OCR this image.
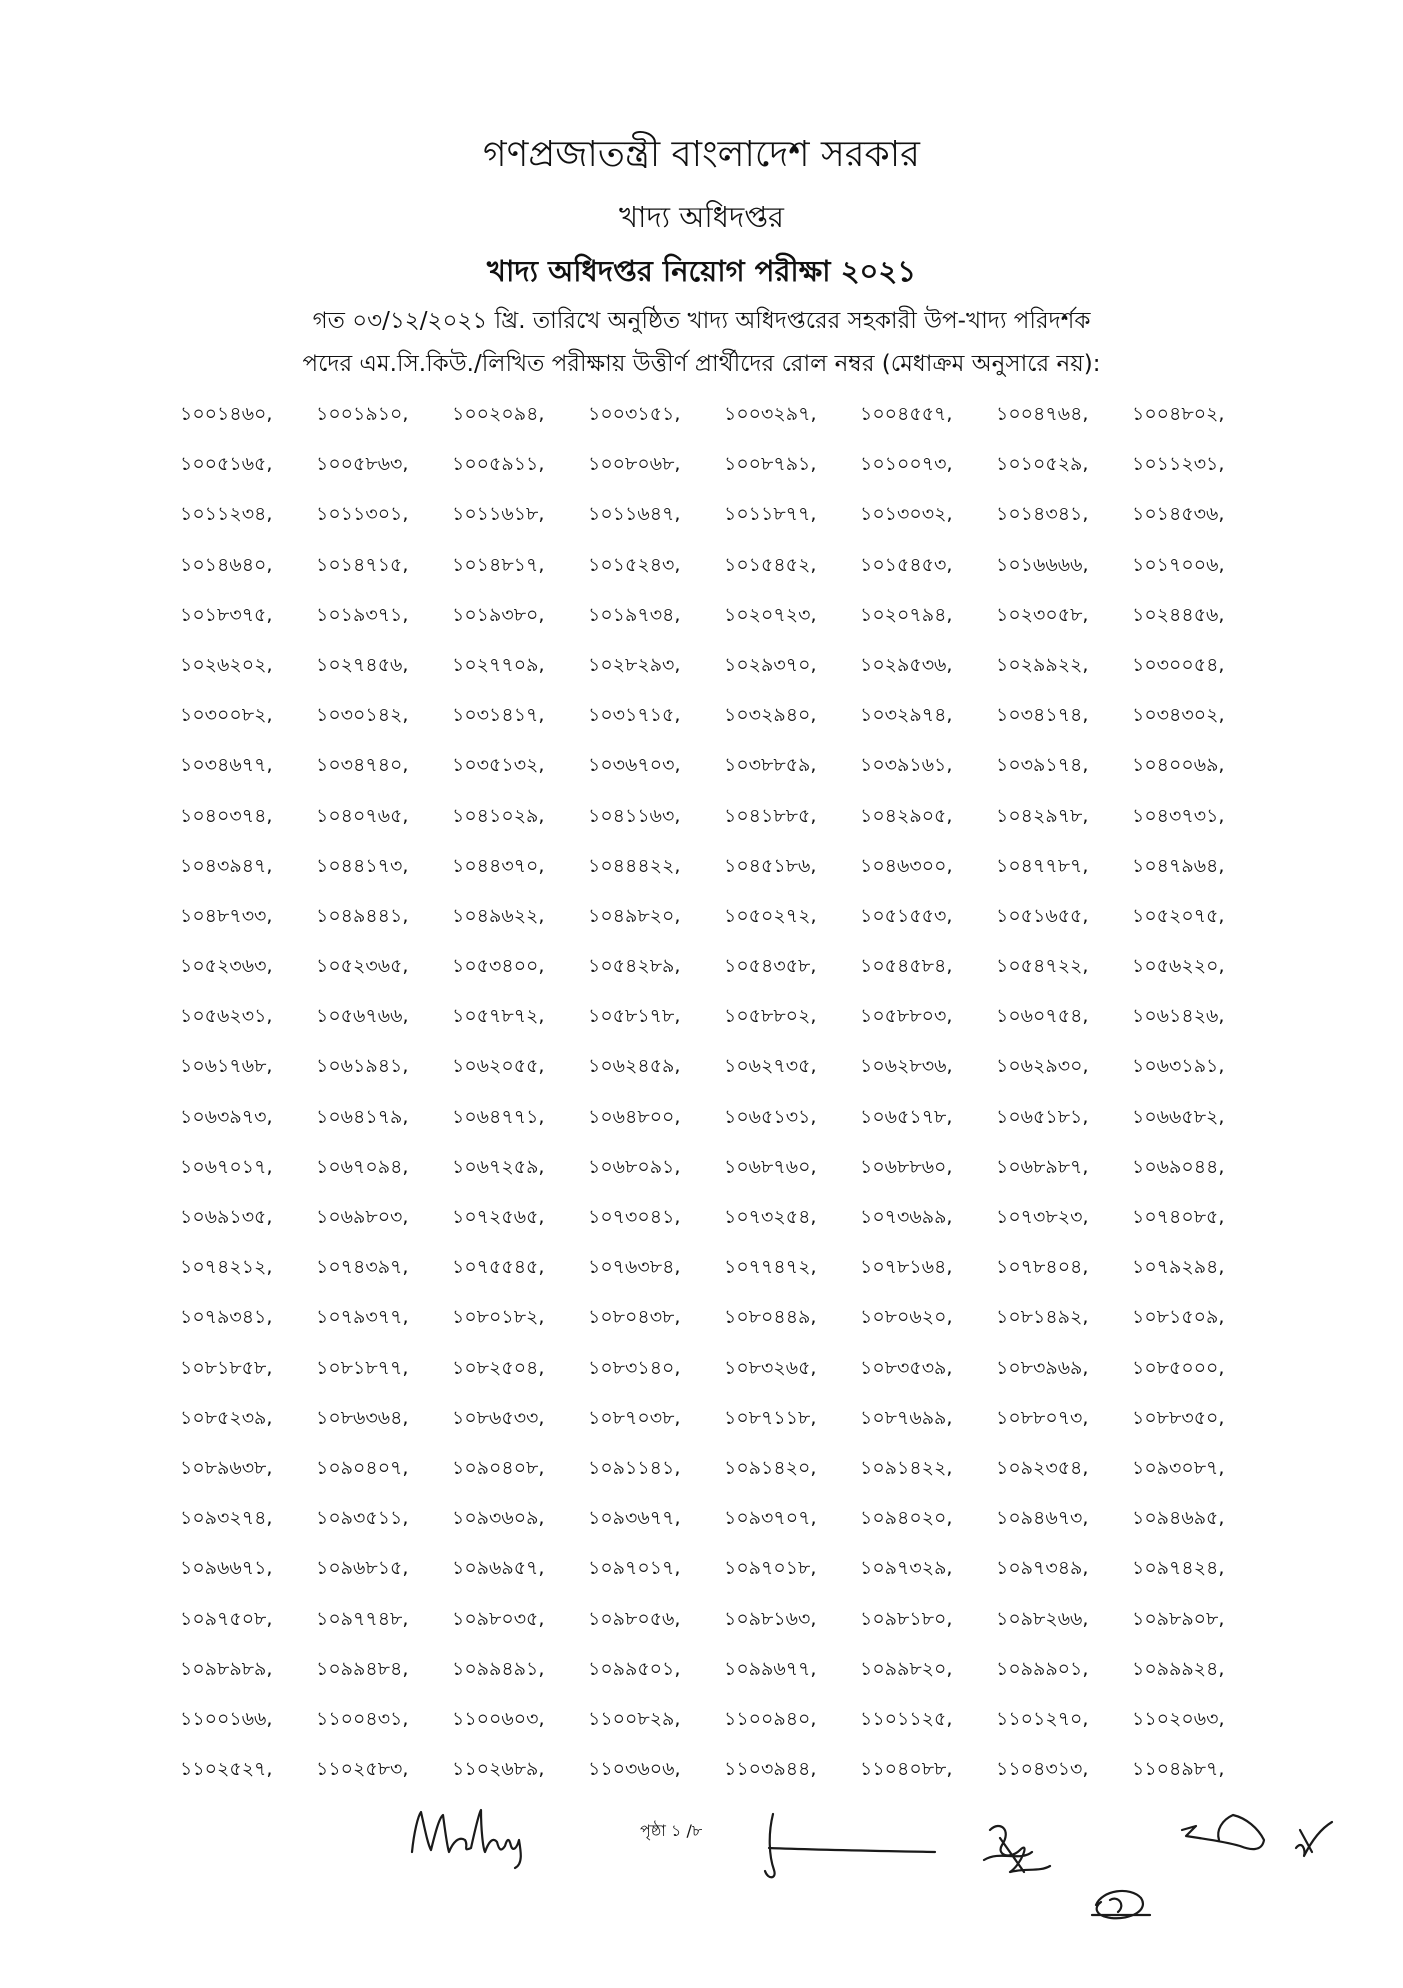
গণপ্রজাতন্ত্রী বাংলাদেশ সরকার
খাদ্য অধিদপ্তর
খাদ্য অধিদপ্তর নিয়োগ পরীক্ষা ২০২১
গত ০৩/১২/২০২১ খ্রি. তারিখে অনুষ্ঠিত খাদ্য অধিদপ্তরের সহকারী উপ-খাদ্য পরিদর্শক
পদের এম.সি.কিউ./লিখিত পরীক্ষায় উত্তীর্ণ প্রার্থীদের রোল নম্বর (মেধাক্রম অনুসারে নয়):
১০০১৪৬০,	১০০১৯১০,	১০০২০৯৪,	১০০৩১৫১,	১০০৩২৯৭,	১০০৪৫৫৭,	১০০৪৭৬৪,	১০০৪৮০২,
১০০৫১৬৫,	১০০৫৮৬৩,	১০০৫৯১১,	১০০৮০৬৮,	১০০৮৭৯১,	১০১০০৭৩,	১০১০৫২৯,	১০১১২৩১,
১০১১২৩৪,	১০১১৩০১,	১০১১৬১৮,	১০১১৬৪৭,	১০১১৮৭৭,	১০১৩০৩২,	১০১৪৩৪১,	১০১৪৫৩৬,
১০১৪৬৪০,	১০১৪৭১৫,	১০১৪৮১৭,	১০১৫২৪৩,	১০১৫৪৫২,	১০১৫৪৫৩,	১০১৬৬৬৬,	১০১৭০০৬,
১০১৮৩৭৫,	১০১৯৩৭১,	১০১৯৩৮০,	১০১৯৭৩৪,	১০২০৭২৩,	১০২০৭৯৪,	১০২৩০৫৮,	১০২৪৪৫৬,
১০২৬২০২,	১০২৭৪৫৬,	১০২৭৭০৯,	১০২৮২৯৩,	১০২৯৩৭০,	১০২৯৫৩৬,	১০২৯৯২২,	১০৩০০৫৪,
১০৩০০৮২,	১০৩০১৪২,	১০৩১৪১৭,	১০৩১৭১৫,	১০৩২৯৪০,	১০৩২৯৭৪,	১০৩৪১৭৪,	১০৩৪৩০২,
১০৩৪৬৭৭,	১০৩৪৭৪০,	১০৩৫১৩২,	১০৩৬৭০৩,	১০৩৮৮৫৯,	১০৩৯১৬১,	১০৩৯১৭৪,	১০৪০০৬৯,
১০৪০৩৭৪,	১০৪০৭৬৫,	১০৪১০২৯,	১০৪১১৬৩,	১০৪১৮৮৫,	১০৪২৯০৫,	১০৪২৯৭৮,	১০৪৩৭৩১,
১০৪৩৯৪৭,	১০৪৪১৭৩,	১০৪৪৩৭০,	১০৪৪৪২২,	১০৪৫১৮৬,	১০৪৬৩০০,	১০৪৭৭৮৭,	১০৪৭৯৬৪,
১০৪৮৭৩৩,	১০৪৯৪৪১,	১০৪৯৬২২,	১০৪৯৮২০,	১০৫০২৭২,	১০৫১৫৫৩,	১০৫১৬৫৫,	১০৫২০৭৫,
১০৫২৩৬৩,	১০৫২৩৬৫,	১০৫৩৪০০,	১০৫৪২৮৯,	১০৫৪৩৫৮,	১০৫৪৫৮৪,	১০৫৪৭২২,	১০৫৬২২০,
১০৫৬২৩১,	১০৫৬৭৬৬,	১০৫৭৮৭২,	১০৫৮১৭৮,	১০৫৮৮০২,	১০৫৮৮০৩,	১০৬০৭৫৪,	১০৬১৪২৬,
১০৬১৭৬৮,	১০৬১৯৪১,	১০৬২০৫৫,	১০৬২৪৫৯,	১০৬২৭৩৫,	১০৬২৮৩৬,	১০৬২৯৩০,	১০৬৩১৯১,
১০৬৩৯৭৩,	১০৬৪১৭৯,	১০৬৪৭৭১,	১০৬৪৮০০,	১০৬৫১৩১,	১০৬৫১৭৮,	১০৬৫১৮১,	১০৬৬৫৮২,
১০৬৭০১৭,	১০৬৭০৯৪,	১০৬৭২৫৯,	১০৬৮০৯১,	১০৬৮৭৬০,	১০৬৮৮৬০,	১০৬৮৯৮৭,	১০৬৯০৪৪,
১০৬৯১৩৫,	১০৬৯৮০৩,	১০৭২৫৬৫,	১০৭৩০৪১,	১০৭৩২৫৪,	১০৭৩৬৯৯,	১০৭৩৮২৩,	১০৭৪০৮৫,
১০৭৪২১২,	১০৭৪৩৯৭,	১০৭৫৫৪৫,	১০৭৬৩৮৪,	১০৭৭৪৭২,	১০৭৮১৬৪,	১০৭৮৪০৪,	১০৭৯২৯৪,
১০৭৯৩৪১,	১০৭৯৩৭৭,	১০৮০১৮২,	১০৮০৪৩৮,	১০৮০৪৪৯,	১০৮০৬২০,	১০৮১৪৯২,	১০৮১৫০৯,
১০৮১৮৫৮,	১০৮১৮৭৭,	১০৮২৫০৪,	১০৮৩১৪০,	১০৮৩২৬৫,	১০৮৩৫৩৯,	১০৮৩৯৬৯,	১০৮৫০০০,
১০৮৫২৩৯,	১০৮৬৩৬৪,	১০৮৬৫৩৩,	১০৮৭০৩৮,	১০৮৭১১৮,	১০৮৭৬৯৯,	১০৮৮০৭৩,	১০৮৮৩৫০,
১০৮৯৬৩৮,	১০৯০৪০৭,	১০৯০৪০৮,	১০৯১১৪১,	১০৯১৪২০,	১০৯১৪২২,	১০৯২৩৫৪,	১০৯৩০৮৭,
১০৯৩২৭৪,	১০৯৩৫১১,	১০৯৩৬০৯,	১০৯৩৬৭৭,	১০৯৩৭০৭,	১০৯৪০২০,	১০৯৪৬৭৩,	১০৯৪৬৯৫,
১০৯৬৬৭১,	১০৯৬৮১৫,	১০৯৬৯৫৭,	১০৯৭০১৭,	১০৯৭০১৮,	১০৯৭৩২৯,	১০৯৭৩৪৯,	১০৯৭৪২৪,
১০৯৭৫০৮,	১০৯৭৭৪৮,	১০৯৮০৩৫,	১০৯৮০৫৬,	১০৯৮১৬৩,	১০৯৮১৮০,	১০৯৮২৬৬,	১০৯৮৯০৮,
১০৯৮৯৮৯,	১০৯৯৪৮৪,	১০৯৯৪৯১,	১০৯৯৫০১,	১০৯৯৬৭৭,	১০৯৯৮২০,	১০৯৯৯০১,	১০৯৯৯২৪,
১১০০১৬৬,	১১০০৪৩১,	১১০০৬০৩,	১১০০৮২৯,	১১০০৯৪০,	১১০১১২৫,	১১০১২৭০,	১১০২০৬৩,
১১০২৫২৭,	১১০২৫৮৩,	১১০২৬৮৯,	১১০৩৬০৬,	১১০৩৯৪৪,	১১০৪০৮৮,	১১০৪৩১৩,	১১০৪৯৮৭,
পৃষ্ঠা ১ /৮
